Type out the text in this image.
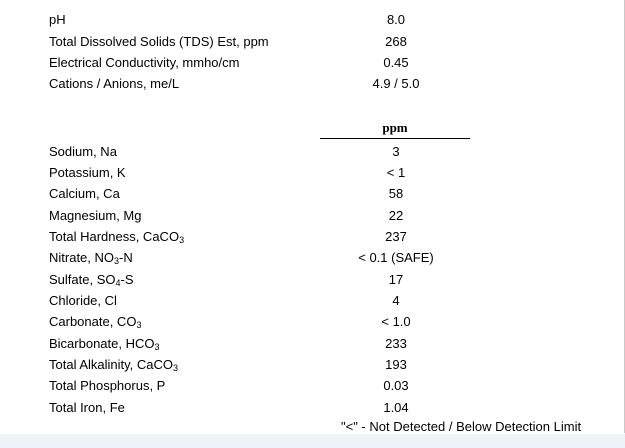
pH	8.0
Total Dissolved Solids (TDS) Est, ppm	268
Electrical Conductivity, mmho/cm	0.45
Cations / Anions, me/L	4.9 / 5.0
ppm
Sodium, Na	3
Potassium, K	< 1
Calcium, Ca	58
Magnesium, Mg	22
Total Hardness, CaCO$_3$	237
Nitrate, $NO_3-N$	< 0.1 (SAFE)
Sulfate, $SO_4-S$	17
Chloride, Cl	4
Carbonate, $CO_3$	< 1.0
Bicarbonate, $HCO_3$	233
Total Alkalinity, CaCO$_3$	193
Total Phosphorus, P	0.03
Total Iron, Fe	1.04
"<" - Not Detected / Below Detection Limit
